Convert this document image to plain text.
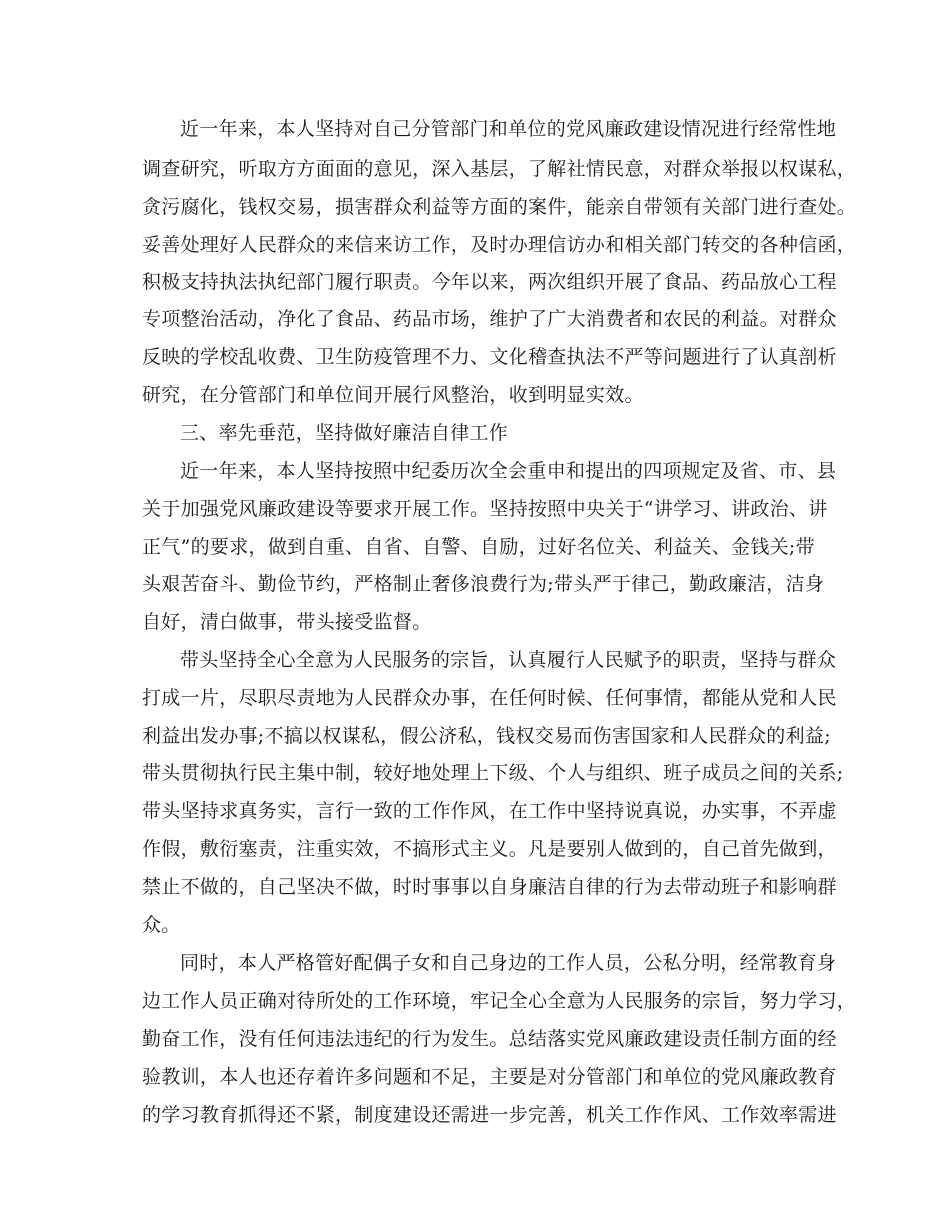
近一年来，本人坚持对自己分管部门和单位的党风廉政建设情况进行经常性地
调查研究，听取方方面面的意见，深入基层，了解社情民意，对群众举报以权谋私，
贪污腐化，钱权交易，损害群众利益等方面的案件，能亲自带领有关部门进行查处。
妥善处理好人民群众的来信来访工作，及时办理信访办和相关部门转交的各种信函，
积极支持执法执纪部门履行职责。今年以来，两次组织开展了食品、药品放心工程
专项整治活动，净化了食品、药品市场，维护了广大消费者和农民的利益。对群众
反映的学校乱收费、卫生防疫管理不力、文化稽查执法不严等问题进行了认真剖析
研究，在分管部门和单位间开展行风整治，收到明显实效。
三、率先垂范，坚持做好廉洁自律工作
近一年来，本人坚持按照中纪委历次全会重申和提出的四项规定及省、市、县
关于加强党风廉政建设等要求开展工作。坚持按照中央关于“讲学习、讲政治、讲
正气”的要求，做到自重、自省、自警、自励，过好名位关、利益关、金钱关;带
头艰苦奋斗、勤俭节约，严格制止奢侈浪费行为;带头严于律己，勤政廉洁，洁身
自好，清白做事，带头接受监督。
带头坚持全心全意为人民服务的宗旨，认真履行人民赋予的职责，坚持与群众
打成一片，尽职尽责地为人民群众办事，在任何时候、任何事情，都能从党和人民
利益出发办事;不搞以权谋私，假公济私，钱权交易而伤害国家和人民群众的利益;
带头贯彻执行民主集中制，较好地处理上下级、个人与组织、班子成员之间的关系;
带头坚持求真务实，言行一致的工作作风，在工作中坚持说真说，办实事，不弄虚
作假，敷衍塞责，注重实效，不搞形式主义。凡是要别人做到的，自己首先做到，
禁止不做的，自己坚决不做，时时事事以自身廉洁自律的行为去带动班子和影响群
众。
同时，本人严格管好配偶子女和自己身边的工作人员，公私分明，经常教育身
边工作人员正确对待所处的工作环境，牢记全心全意为人民服务的宗旨，努力学习，
勤奋工作，没有任何违法违纪的行为发生。总结落实党风廉政建设责任制方面的经
验教训，本人也还存着许多问题和不足，主要是对分管部门和单位的党风廉政教育
的学习教育抓得还不紧，制度建设还需进一步完善，机关工作作风、工作效率需进
